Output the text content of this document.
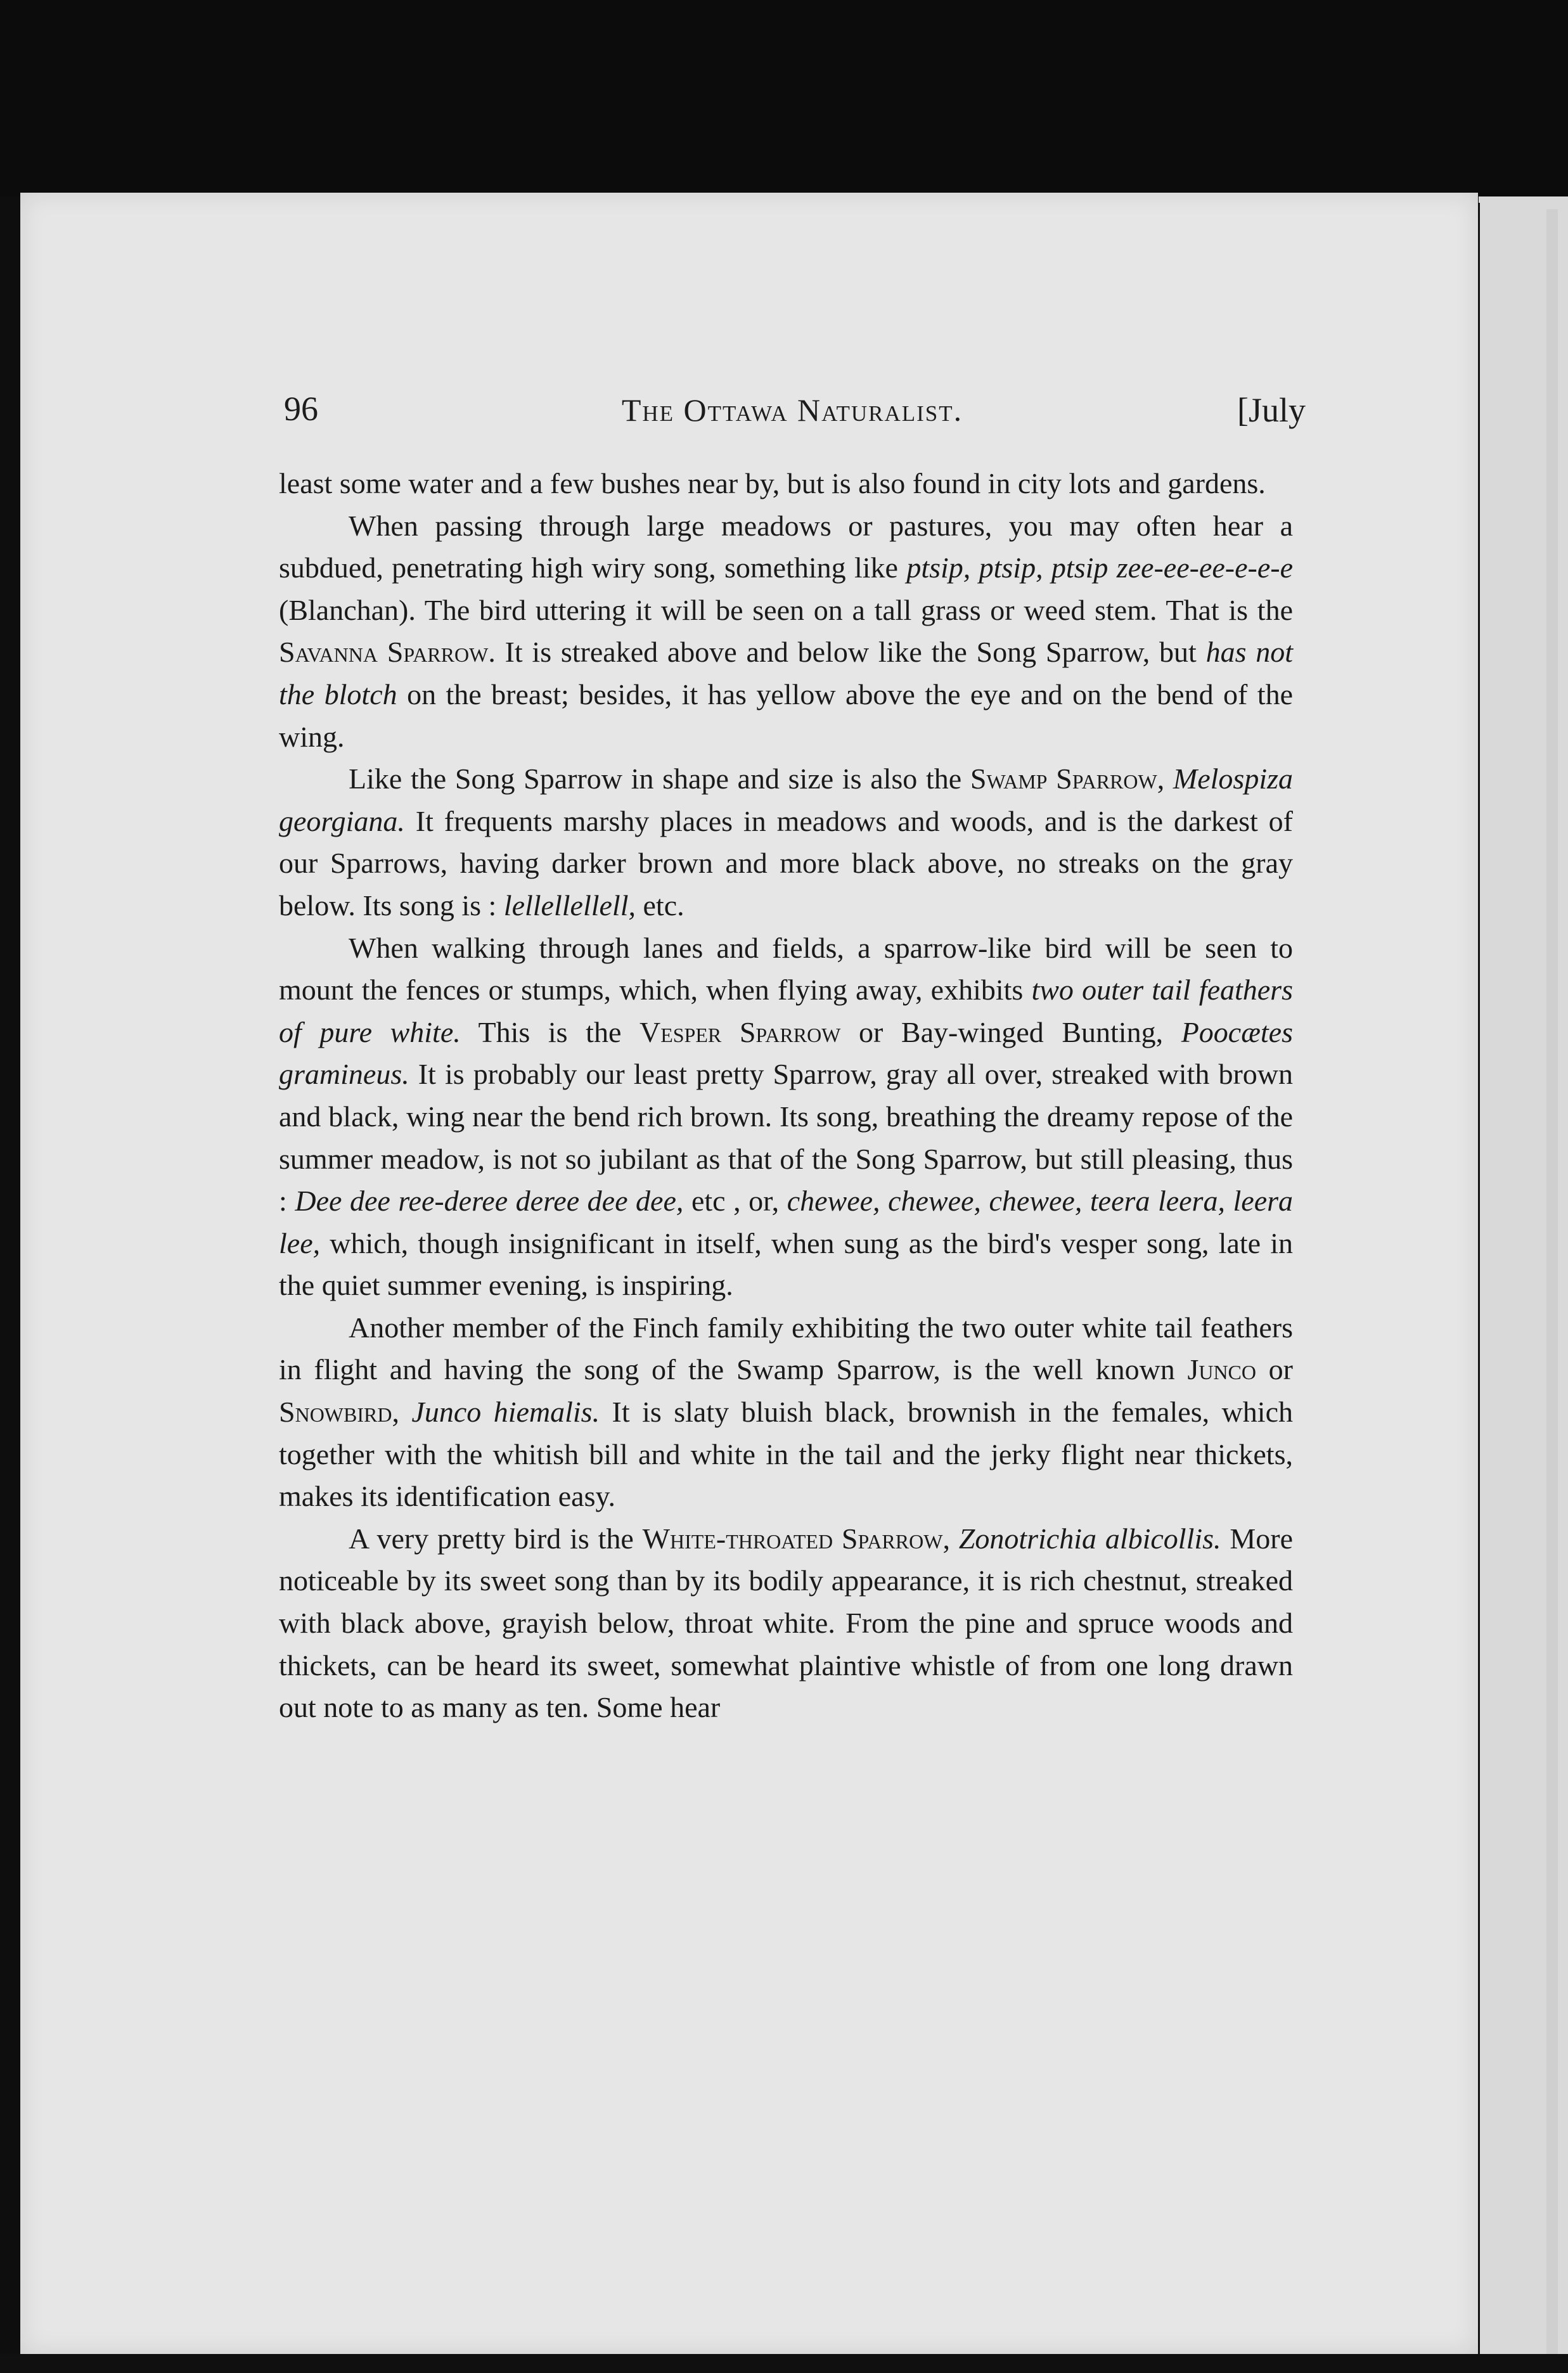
96	The Ottawa Naturalist.	[July

least some water and a few bushes near by, but is also found in city lots and gardens.

When passing through large meadows or pastures, you may often hear a subdued, penetrating high wiry song, something like ptsip, ptsip, ptsip zee-ee-ee-e-e-e (Blanchan). The bird uttering it will be seen on a tall grass or weed stem. That is the Savanna Sparrow. It is streaked above and below like the Song Sparrow, but has not the blotch on the breast; besides, it has yellow above the eye and on the bend of the wing.

Like the Song Sparrow in shape and size is also the Swamp Sparrow, Melospiza georgiana. It frequents marshy places in meadows and woods, and is the darkest of our Sparrows, having darker brown and more black above, no streaks on the gray below. Its song is : lellellellell, etc.

When walking through lanes and fields, a sparrow-like bird will be seen to mount the fences or stumps, which, when flying away, exhibits two outer tail feathers of pure white. This is the Vesper Sparrow or Bay-winged Bunting, Poocætes gramineus. It is probably our least pretty Sparrow, gray all over, streaked with brown and black, wing near the bend rich brown. Its song, breathing the dreamy repose of the summer meadow, is not so jubilant as that of the Song Sparrow, but still pleasing, thus : Dee dee ree-deree deree dee dee, etc , or, chewee, chewee, chewee, teera leera, leera lee, which, though insignificant in itself, when sung as the bird's vesper song, late in the quiet summer evening, is inspiring.

Another member of the Finch family exhibiting the two outer white tail feathers in flight and having the song of the Swamp Sparrow, is the well known Junco or Snowbird, Junco hiemalis. It is slaty bluish black, brownish in the females, which together with the whitish bill and white in the tail and the jerky flight near thickets, makes its identification easy.

A very pretty bird is the White-throated Sparrow, Zonotrichia albicollis. More noticeable by its sweet song than by its bodily appearance, it is rich chestnut, streaked with black above, grayish below, throat white. From the pine and spruce woods and thickets, can be heard its sweet, somewhat plaintive whistle of from one long drawn out note to as many as ten. Some hear
